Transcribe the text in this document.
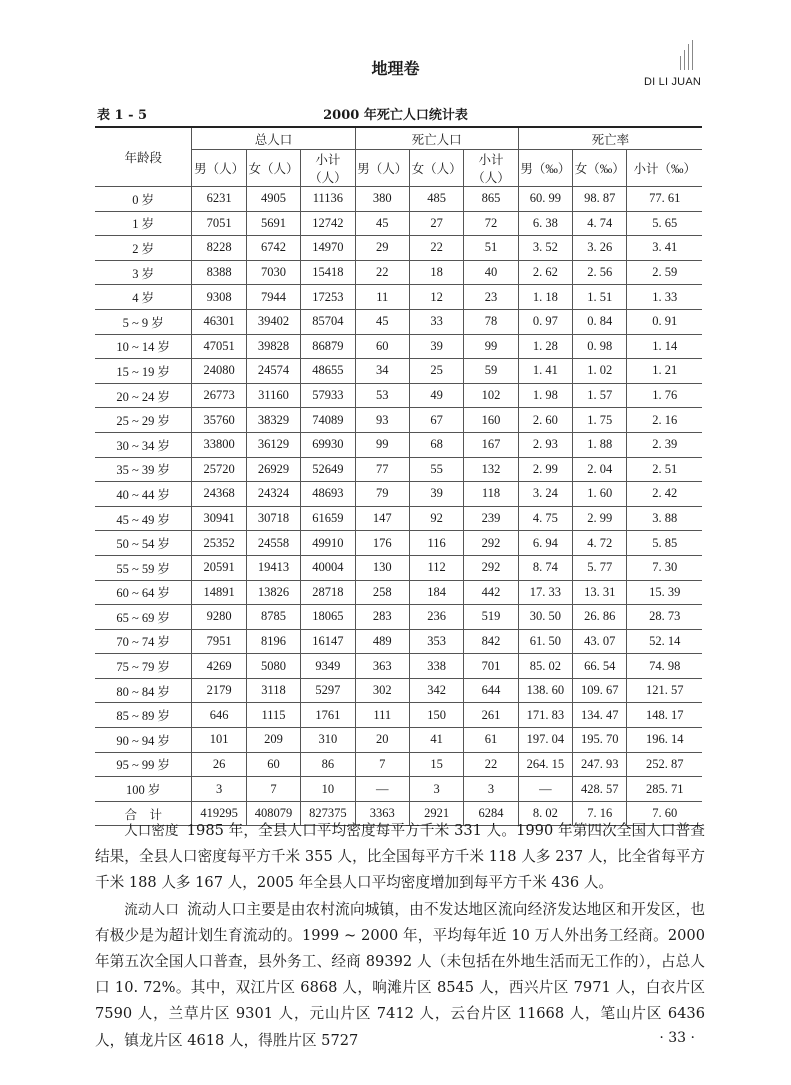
地理卷
DI LI JUAN
表 1 - 5	2000 年死亡人口统计表
年龄段	总人口			死亡人口			死亡率		
	男（人）	女（人）	小计（人）	男（人）	女（人）	小计（人）	男（‰）	女（‰）	小计（‰）
0 岁	6231	4905	11136	380	485	865	60. 99	98. 87	77. 61
1 岁	7051	5691	12742	45	27	72	6. 38	4. 74	5. 65
2 岁	8228	6742	14970	29	22	51	3. 52	3. 26	3. 41
3 岁	8388	7030	15418	22	18	40	2. 62	2. 56	2. 59
4 岁	9308	7944	17253	11	12	23	1. 18	1. 51	1. 33
5 ~ 9 岁	46301	39402	85704	45	33	78	0. 97	0. 84	0. 91
10 ~ 14 岁	47051	39828	86879	60	39	99	1. 28	0. 98	1. 14
15 ~ 19 岁	24080	24574	48655	34	25	59	1. 41	1. 02	1. 21
20 ~ 24 岁	26773	31160	57933	53	49	102	1. 98	1. 57	1. 76
25 ~ 29 岁	35760	38329	74089	93	67	160	2. 60	1. 75	2. 16
30 ~ 34 岁	33800	36129	69930	99	68	167	2. 93	1. 88	2. 39
35 ~ 39 岁	25720	26929	52649	77	55	132	2. 99	2. 04	2. 51
40 ~ 44 岁	24368	24324	48693	79	39	118	3. 24	1. 60	2. 42
45 ~ 49 岁	30941	30718	61659	147	92	239	4. 75	2. 99	3. 88
50 ~ 54 岁	25352	24558	49910	176	116	292	6. 94	4. 72	5. 85
55 ~ 59 岁	20591	19413	40004	130	112	292	8. 74	5. 77	7. 30
60 ~ 64 岁	14891	13826	28718	258	184	442	17. 33	13. 31	15. 39
65 ~ 69 岁	9280	8785	18065	283	236	519	30. 50	26. 86	28. 73
70 ~ 74 岁	7951	8196	16147	489	353	842	61. 50	43. 07	52. 14
75 ~ 79 岁	4269	5080	9349	363	338	701	85. 02	66. 54	74. 98
80 ~ 84 岁	2179	3118	5297	302	342	644	138. 60	109. 67	121. 57
85 ~ 89 岁	646	1115	1761	111	150	261	171. 83	134. 47	148. 17
90 ~ 94 岁	101	209	310	20	41	61	197. 04	195. 70	196. 14
95 ~ 99 岁	26	60	86	7	15	22	264. 15	247. 93	252. 87
100 岁	3	7	10	—	3	3	—	428. 57	285. 71
合　计	419295	408079	827375	3363	2921	6284	8. 02	7. 16	7. 60

人口密度 1985 年，全县人口平均密度每平方千米 331 人。1990 年第四次全国人口普查结果，全县人口密度每平方千米 355 人，比全国每平方千米 118 人多 237 人，比全省每平方千米 188 人多 167 人，2005 年全县人口平均密度增加到每平方千米 436 人。

流动人口 流动人口主要是由农村流向城镇，由不发达地区流向经济发达地区和开发区，也有极少是为超计划生育流动的。1999 ~ 2000 年，平均每年近 10 万人外出务工经商。2000 年第五次全国人口普查，县外务工、经商 89392 人（未包括在外地生活而无工作的），占总人口 10. 72%。其中，双江片区 6868 人，响滩片区 8545 人，西兴片区 7971 人，白衣片区 7590 人，兰草片区 9301 人，元山片区 7412 人，云台片区 11668 人，笔山片区 6436 人，镇龙片区 4618 人，得胜片区 5727	· 33 ·
